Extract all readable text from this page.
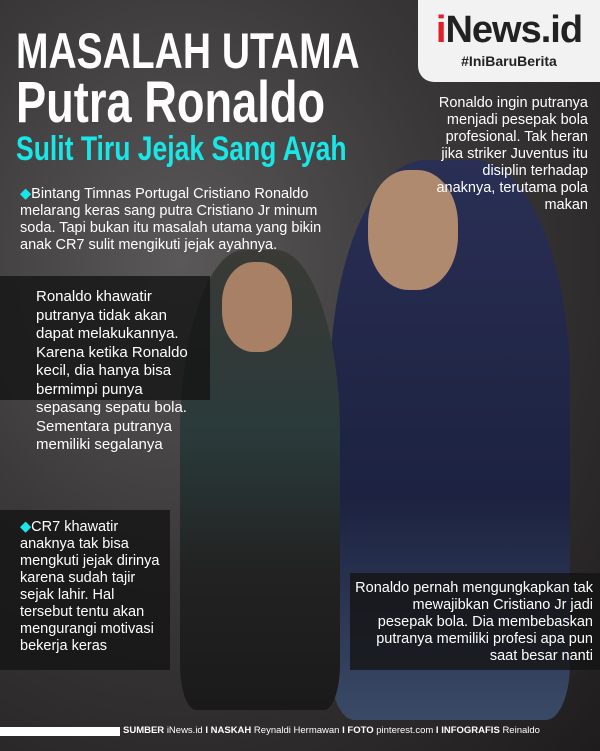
MASALAH UTAMA
Putra Ronaldo
Sulit Tiru Jejak Sang Ayah
iNews.id
#IniBaruBerita
◆Bintang Timnas Portugal Cristiano Ronaldo melarang keras sang putra Cristiano Jr minum soda. Tapi bukan itu masalah utama yang bikin anak CR7 sulit mengikuti jejak ayahnya.
Ronaldo ingin putranya menjadi pesepak bola profesional. Tak heran jika striker Juventus itu disiplin terhadap anaknya, terutama pola makan
Ronaldo khawatir putranya tidak akan dapat melakukannya. Karena ketika Ronaldo kecil, dia hanya bisa bermimpi punya sepasang sepatu bola. Sementara putranya memiliki segalanya
◆CR7 khawatir anaknya tak bisa mengkuti jejak dirinya karena sudah tajir sejak lahir. Hal tersebut tentu akan mengurangi motivasi bekerja keras
Ronaldo pernah mengungkapkan tak mewajibkan Cristiano Jr jadi pesepak bola. Dia membebaskan putranya memiliki profesi apa pun saat besar nanti
SUMBER iNews.id I NASKAH Reynaldi Hermawan I FOTO pinterest.com I INFOGRAFIS Reinaldo
